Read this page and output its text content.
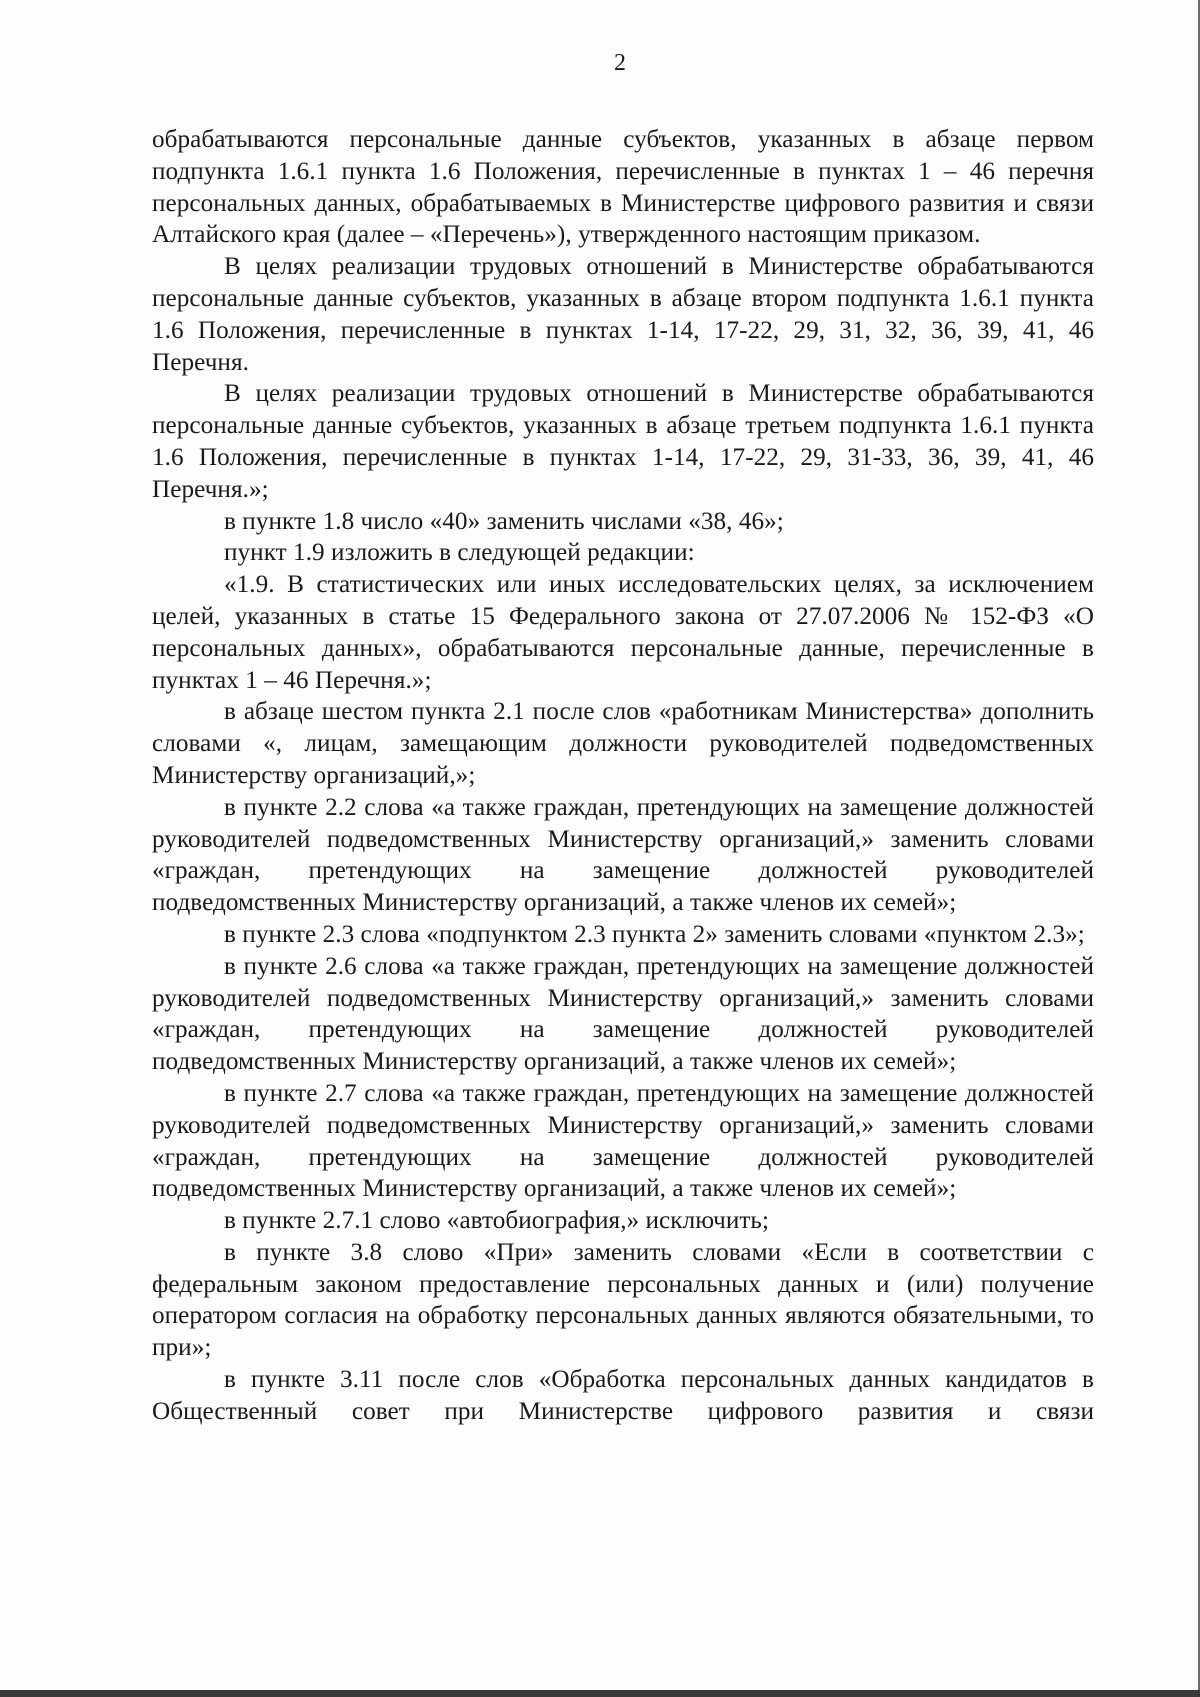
2

обрабатываются персональные данные субъектов, указанных в абзаце первом подпункта 1.6.1 пункта 1.6 Положения, перечисленные в пунктах 1 – 46 перечня персональных данных, обрабатываемых в Министерстве цифрового развития и связи Алтайского края (далее – «Перечень»), утвержденного настоящим приказом.

В целях реализации трудовых отношений в Министерстве обрабатываются персональные данные субъектов, указанных в абзаце втором подпункта 1.6.1 пункта 1.6 Положения, перечисленные в пунктах 1-14, 17-22, 29, 31, 32, 36, 39, 41, 46 Перечня.

В целях реализации трудовых отношений в Министерстве обрабатываются персональные данные субъектов, указанных в абзаце третьем подпункта 1.6.1 пункта 1.6 Положения, перечисленные в пунктах 1-14, 17-22, 29, 31-33, 36, 39, 41, 46 Перечня.»;

в пункте 1.8 число «40» заменить числами «38, 46»;

пункт 1.9 изложить в следующей редакции:

«1.9. В статистических или иных исследовательских целях, за исключением целей, указанных в статье 15 Федерального закона от 27.07.2006 № 152-ФЗ «О персональных данных», обрабатываются персональные данные, перечисленные в пунктах 1 – 46 Перечня.»;

в абзаце шестом пункта 2.1 после слов «работникам Министерства» дополнить словами «, лицам, замещающим должности руководителей подведомственных Министерству организаций,»;

в пункте 2.2 слова «а также граждан, претендующих на замещение должностей руководителей подведомственных Министерству организаций,» заменить словами «граждан, претендующих на замещение должностей руководителей подведомственных Министерству организаций, а также членов их семей»;

в пункте 2.3 слова «подпунктом 2.3 пункта 2» заменить словами «пунктом 2.3»;

в пункте 2.6 слова «а также граждан, претендующих на замещение должностей руководителей подведомственных Министерству организаций,» заменить словами «граждан, претендующих на замещение должностей руководителей подведомственных Министерству организаций, а также членов их семей»;

в пункте 2.7 слова «а также граждан, претендующих на замещение должностей руководителей подведомственных Министерству организаций,» заменить словами «граждан, претендующих на замещение должностей руководителей подведомственных Министерству организаций, а также членов их семей»;

в пункте 2.7.1 слово «автобиография,» исключить;

в пункте 3.8 слово «При» заменить словами «Если в соответствии с федеральным законом предоставление персональных данных и (или) получение оператором согласия на обработку персональных данных являются обязательными, то при»;

в пункте 3.11 после слов «Обработка персональных данных кандидатов в Общественный совет при Министерстве цифрового развития и связи
